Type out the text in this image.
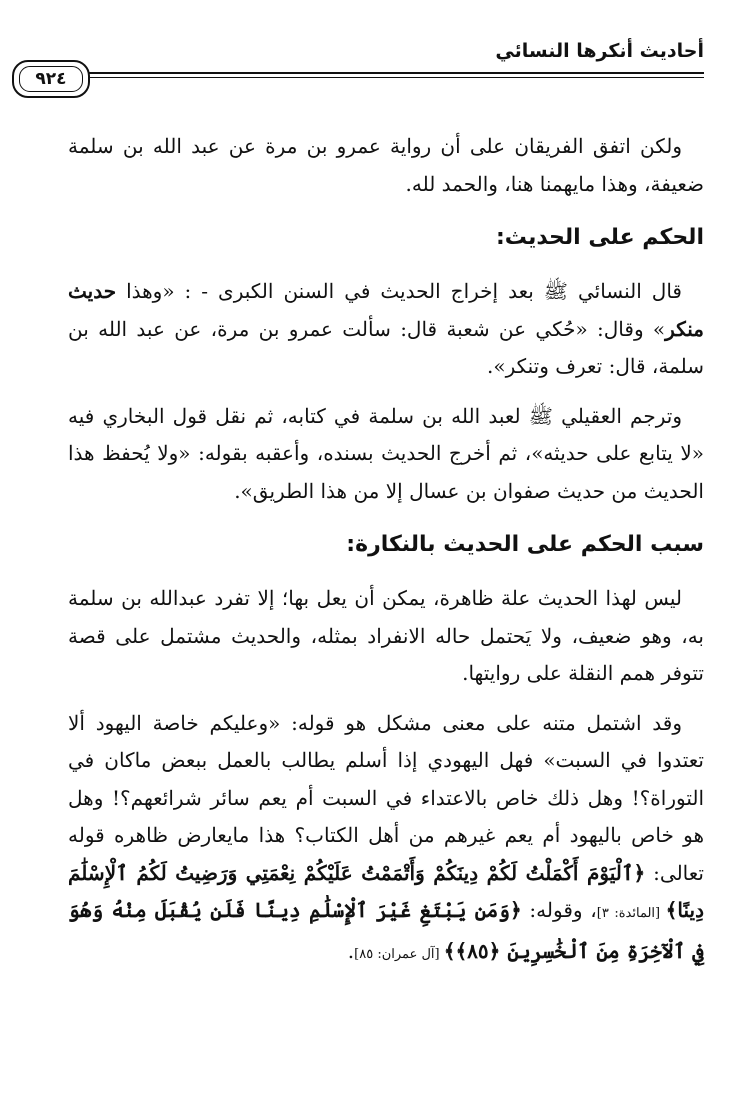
أحاديث أنكرها النسائي
٩٢٤

ولكن اتفق الفريقان على أن رواية عمرو بن مرة عن عبد الله بن سلمة ضعيفة، وهذا مايهمنا هنا، والحمد لله.

الحكم على الحديث:

قال النسائي ﷺ بعد إخراج الحديث في السنن الكبرى - : «وهذا حديث منكر» وقال: «حُكي عن شعبة قال: سألت عمرو بن مرة، عن عبد الله بن سلمة، قال: تعرف وتنكر».

وترجم العقيلي ﷺ لعبد الله بن سلمة في كتابه، ثم نقل قول البخاري فيه «لا يتابع على حديثه»، ثم أخرج الحديث بسنده، وأعقبه بقوله: «ولا يُحفظ هذا الحديث من حديث صفوان بن عسال إلا من هذا الطريق».

سبب الحكم على الحديث بالنكارة:

ليس لهذا الحديث علة ظاهرة، يمكن أن يعل بها؛ إلا تفرد عبدالله بن سلمة به، وهو ضعيف، ولا يَحتمل حاله الانفراد بمثله، والحديث مشتمل على قصة تتوفر همم النقلة على روايتها.

وقد اشتمل متنه على معنى مشكل هو قوله: «وعليكم خاصة اليهود ألا تعتدوا في السبت» فهل اليهودي إذا أسلم يطالب بالعمل ببعض ماكان في التوراة؟! وهل ذلك خاص بالاعتداء في السبت أم يعم سائر شرائعهم؟! وهل هو خاص باليهود أم يعم غيرهم من أهل الكتاب؟ هذا مايعارض ظاهره قوله تعالى: ﴿ٱلْيَوْمَ أَكْمَلْتُ لَكُمْ دِينَكُمْ وَأَتْمَمْتُ عَلَيْكُمْ نِعْمَتِي وَرَضِيتُ لَكُمُ ٱلْإِسْلَٰمَ دِينًا﴾ [المائدة: ٣]، وقوله: ﴿وَمَن يَبْتَغِ غَيْرَ ٱلْإِسْلَٰمِ دِينًا فَلَن يُقْبَلَ مِنْهُ وَهُوَ فِي ٱلْآخِرَةِ مِنَ ٱلْخَٰسِرِينَ ﴿٨٥﴾﴾ [آل عمران: ٨٥].
